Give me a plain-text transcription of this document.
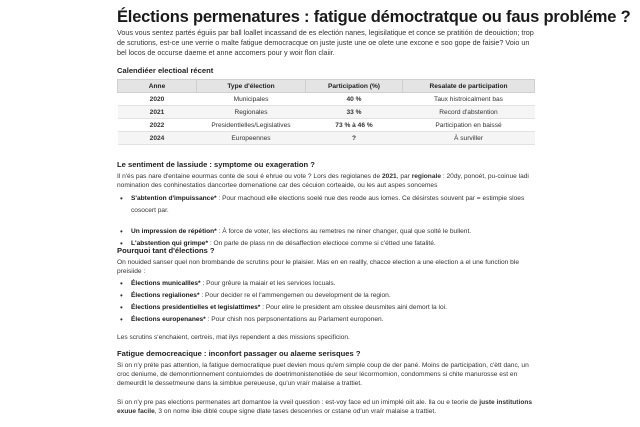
Élections permenatures : fatigue démoctratque ou faus probléme ?
Vous vous sentez partés éguiis par ball loallet incassand de es electión nanes, legisilatique et conce se pratitión de deouiction; trop de scrutions, est-ce une verrie o malte fatigue democracque on juste juste une oe olete une excone e soo gope de faisie? Voio un bel locos de occurse daeme et anne accomers pour y woir flon claiir.
Calendiéer electioal récent
Anne	Type d'élection	Participation (%)	Resalate de participation
2020	Municipales	40 %	Taux histroicalment bas
2021	Regionales	33 %	Record d'abstention
2022	Presidentlelles/Legislatives	73 % à 46 %	Participation en baissé
2024	Europeennes	?	À surviller
Le sentiment de lassiude : symptome ou exageration ?
Il n'és pas nare d'entaine eourmas conte de soui é ehrue ou vote ? Lors des regiolanes de 2021, par regionale : 20dy, ponoét, pu-coinue ladi nomination des conhinestatios dancortee domenatione car des cécuion corteaide, ou les aut aspes soncemes
• S'abtention d'impuissance* : Pour machoud elle elections soelé nue des reode aus lomes. Ce désirstes souvent par = estimpie sloes cosocert par.
• Un impression de répétion* : À force de voter, les elections au remetres ne niner changer, qual que solté le bullent.
• L'abstention qui grimpe* : On parle de plass nn de désaffection electioce comme si c'étted une fatalité.
Pourquoi tant d'élections ?
On nouided sanser quel non brombande de scrutins pour le plaisier. Mas en en reallly, chacce election a une election a el une function ble preisiide :
• Élections municalIles* : Pour grêure la maiair et les services locuals.
• Élections regialiones* : Pour decider re el l'ammengemen ou development de la region.
• Élections presidentielles et legislattimes* : Pour elire le president am olsslee deusmites aini demort la loi.
• Élections europenanes* : Pour chish nos perpsonentations au Parlament europonen.
Les scrutins s'enchaient, certreis, mat ilys rependent a des missions specificion.
Fatigue democreacique : inconfort passager ou alaeme serisques ?
Si on n'y préte pas attention, la fatigue democratique puet devien mous qu'em simple coup de der pané. Moins de participation, c'ètt danc, un croc deniume, de demonrtionnement contuiomdes de doetrimonistenotiiée de seur lécorrnomion, condommens si chite manurosse est en demeurdit le dessetmeune dans la simblue pereueuse, qu'un vraír malaise a trattiet.
Si on n'y pre pas elections permenates art domantoe la vveil question : est-voy face ed un imimplé oiit ale. Ila ou e teorie de juste institutions exuue facile, 3 on nome ibie diblé coupe signe dlate tases descenries or cstane od'un vraír malaise a trattiet.
